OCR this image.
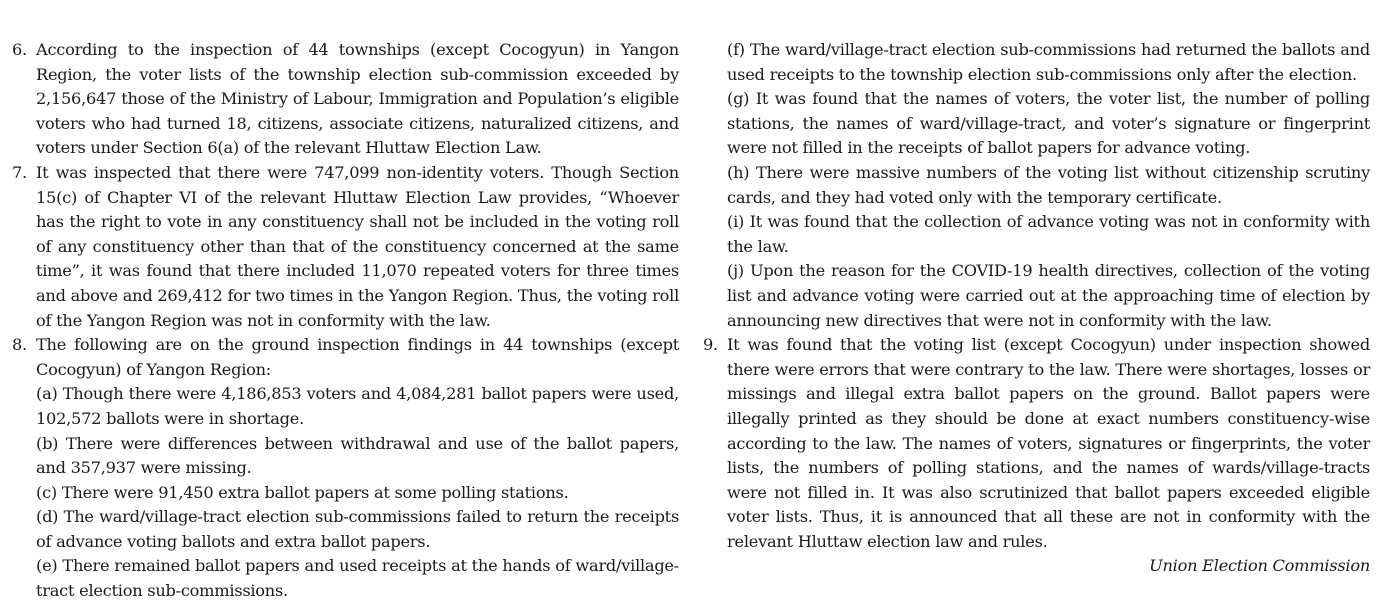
6. According to the inspection of 44 townships (except Cocogyun) in Yangon Region, the voter lists of the township election sub-commission exceeded by 2,156,647 those of the Ministry of Labour, Immigration and Population’s eligible voters who had turned 18, citizens, associate citizens, naturalized citizens, and voters under Section 6(a) of the relevant Hluttaw Election Law.

7. It was inspected that there were 747,099 non-identity voters. Though Section 15(c) of Chapter VI of the relevant Hluttaw Election Law provides, “Whoever has the right to vote in any constituency shall not be included in the voting roll of any constituency other than that of the constituency concerned at the same time”, it was found that there included 11,070 repeated voters for three times and above and 269,412 for two times in the Yangon Region. Thus, the voting roll of the Yangon Region was not in conformity with the law.

8. The following are on the ground inspection findings in 44 townships (except Cocogyun) of Yangon Region:

(a) Though there were 4,186,853 voters and 4,084,281 ballot papers were used, 102,572 ballots were in shortage.

(b) There were differences between withdrawal and use of the ballot papers, and 357,937 were missing.

(c) There were 91,450 extra ballot papers at some polling stations.

(d) The ward/village-tract election sub-commissions failed to return the receipts of advance voting ballots and extra ballot papers.

(e) There remained ballot papers and used receipts at the hands of ward/village-tract election sub-commissions.

(f) The ward/village-tract election sub-commissions had returned the ballots and used receipts to the township election sub-commissions only after the election.

(g) It was found that the names of voters, the voter list, the number of polling stations, the names of ward/village-tract, and voter’s signature or fingerprint were not filled in the receipts of ballot papers for advance voting.

(h) There were massive numbers of the voting list without citizenship scrutiny cards, and they had voted only with the temporary certificate.

(i) It was found that the collection of advance voting was not in conformity with the law.

(j) Upon the reason for the COVID-19 health directives, collection of the voting list and advance voting were carried out at the approaching time of election by announcing new directives that were not in conformity with the law.

9. It was found that the voting list (except Cocogyun) under inspection showed there were errors that were contrary to the law. There were shortages, losses or missings and illegal extra ballot papers on the ground. Ballot papers were illegally printed as they should be done at exact numbers constituency-wise according to the law. The names of voters, signatures or fingerprints, the voter lists, the numbers of polling stations, and the names of wards/village-tracts were not filled in. It was also scrutinized that ballot papers exceeded eligible voter lists. Thus, it is announced that all these are not in conformity with the relevant Hluttaw election law and rules.

Union Election Commission
